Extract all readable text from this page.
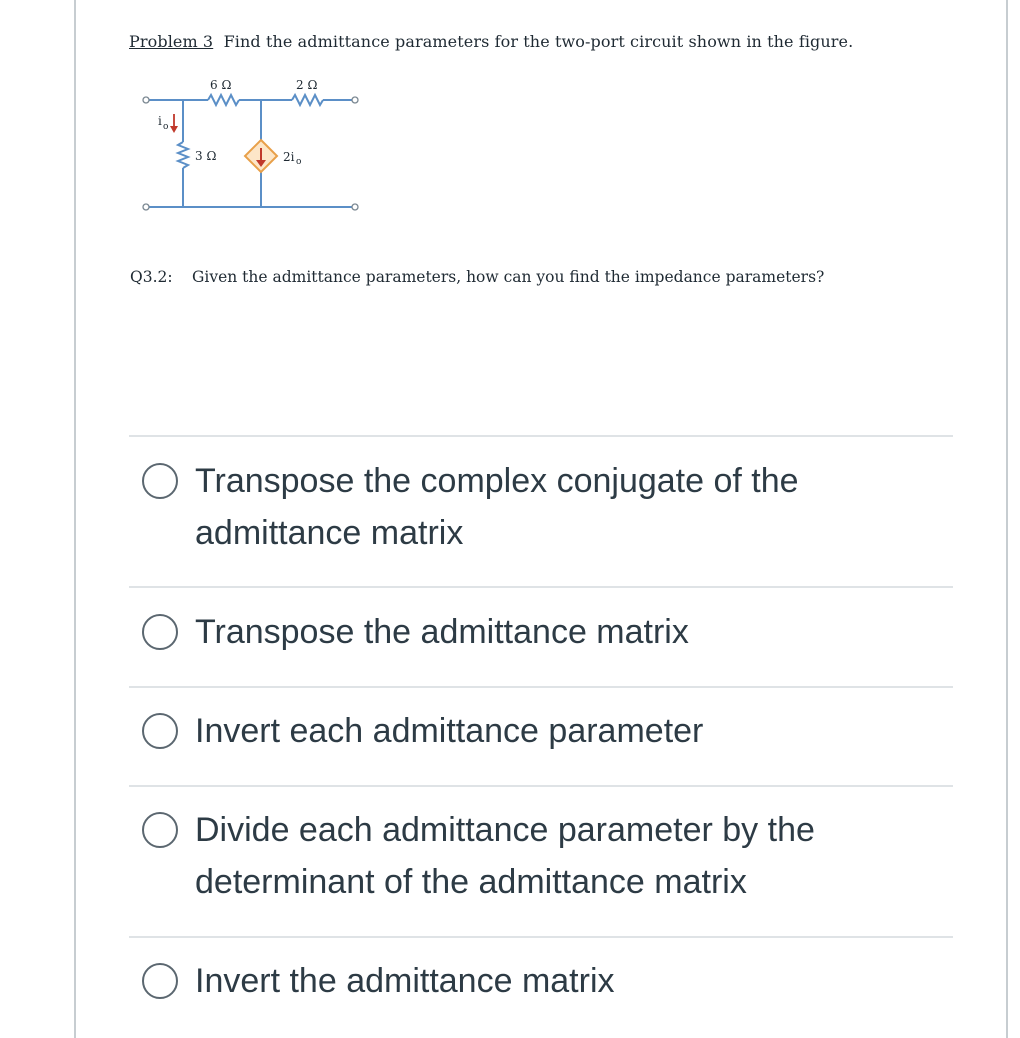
Problem 3 Find the admittance parameters for the two-port circuit shown in the figure.
6 Ω	2 Ω
3 Ω
i o
2i o
Q3.2: Given the admittance parameters, how can you find the impedance parameters?
Transpose the complex conjugate of the admittance matrix
Transpose the admittance matrix
Invert each admittance parameter
Divide each admittance parameter by the determinant of the admittance matrix
Invert the admittance matrix
